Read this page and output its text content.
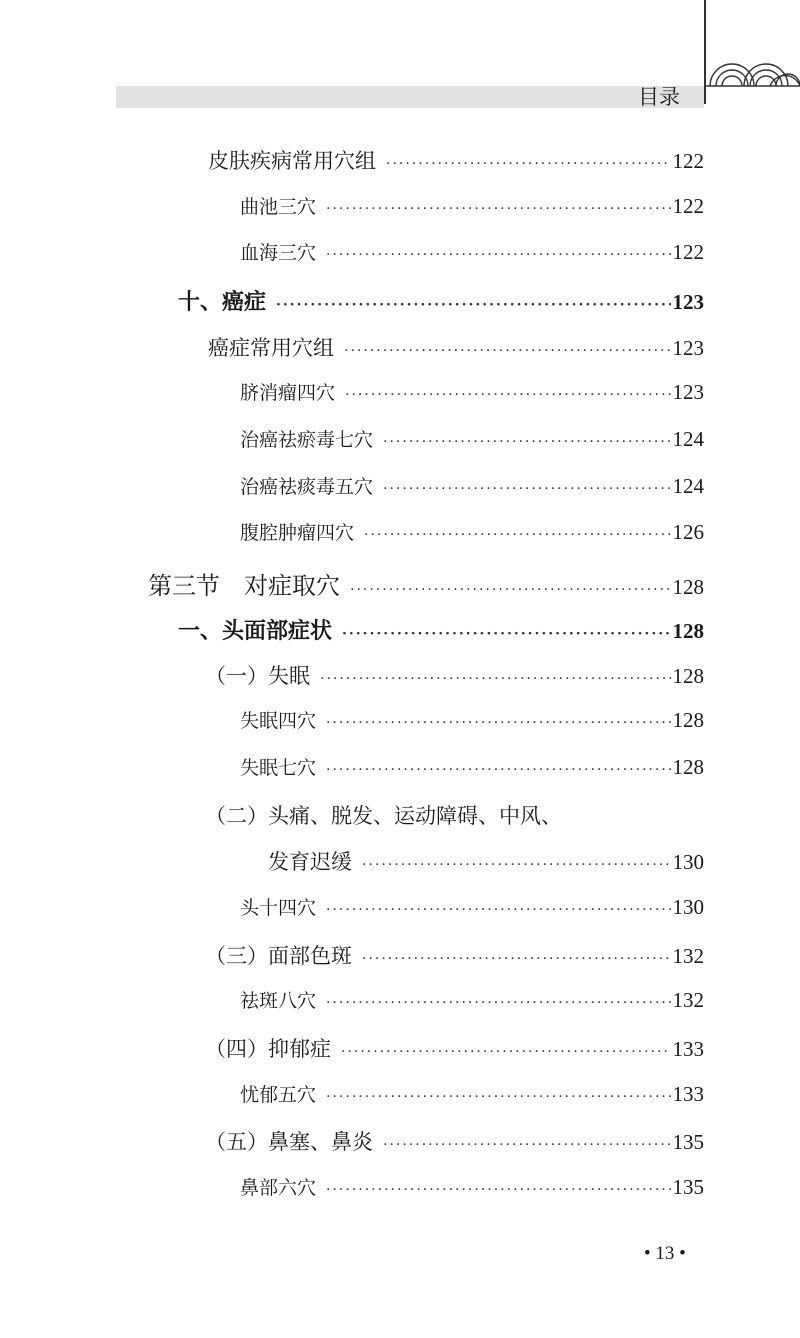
目录
皮肤疾病常用穴组 ·····	122
曲池三穴 ·····	122
血海三穴 ·····	122
十、癌症 ·····	123
癌症常用穴组 ·····	123
脐消瘤四穴 ·····	123
治癌祛瘀毒七穴 ·····	124
治癌祛痰毒五穴 ·····	124
腹腔肿瘤四穴 ·····	126
第三节　对症取穴 ·····	128
一、头面部症状 ·····	128
（一）失眠 ·····	128
失眠四穴 ·····	128
失眠七穴 ·····	128
（二）头痛、脱发、运动障碍、中风、
发育迟缓 ·····	130
头十四穴 ·····	130
（三）面部色斑 ·····	132
祛斑八穴 ·····	132
（四）抑郁症 ·····	133
忧郁五穴 ·····	133
（五）鼻塞、鼻炎 ·····	135
鼻部六穴 ·····	135
• 13 •
